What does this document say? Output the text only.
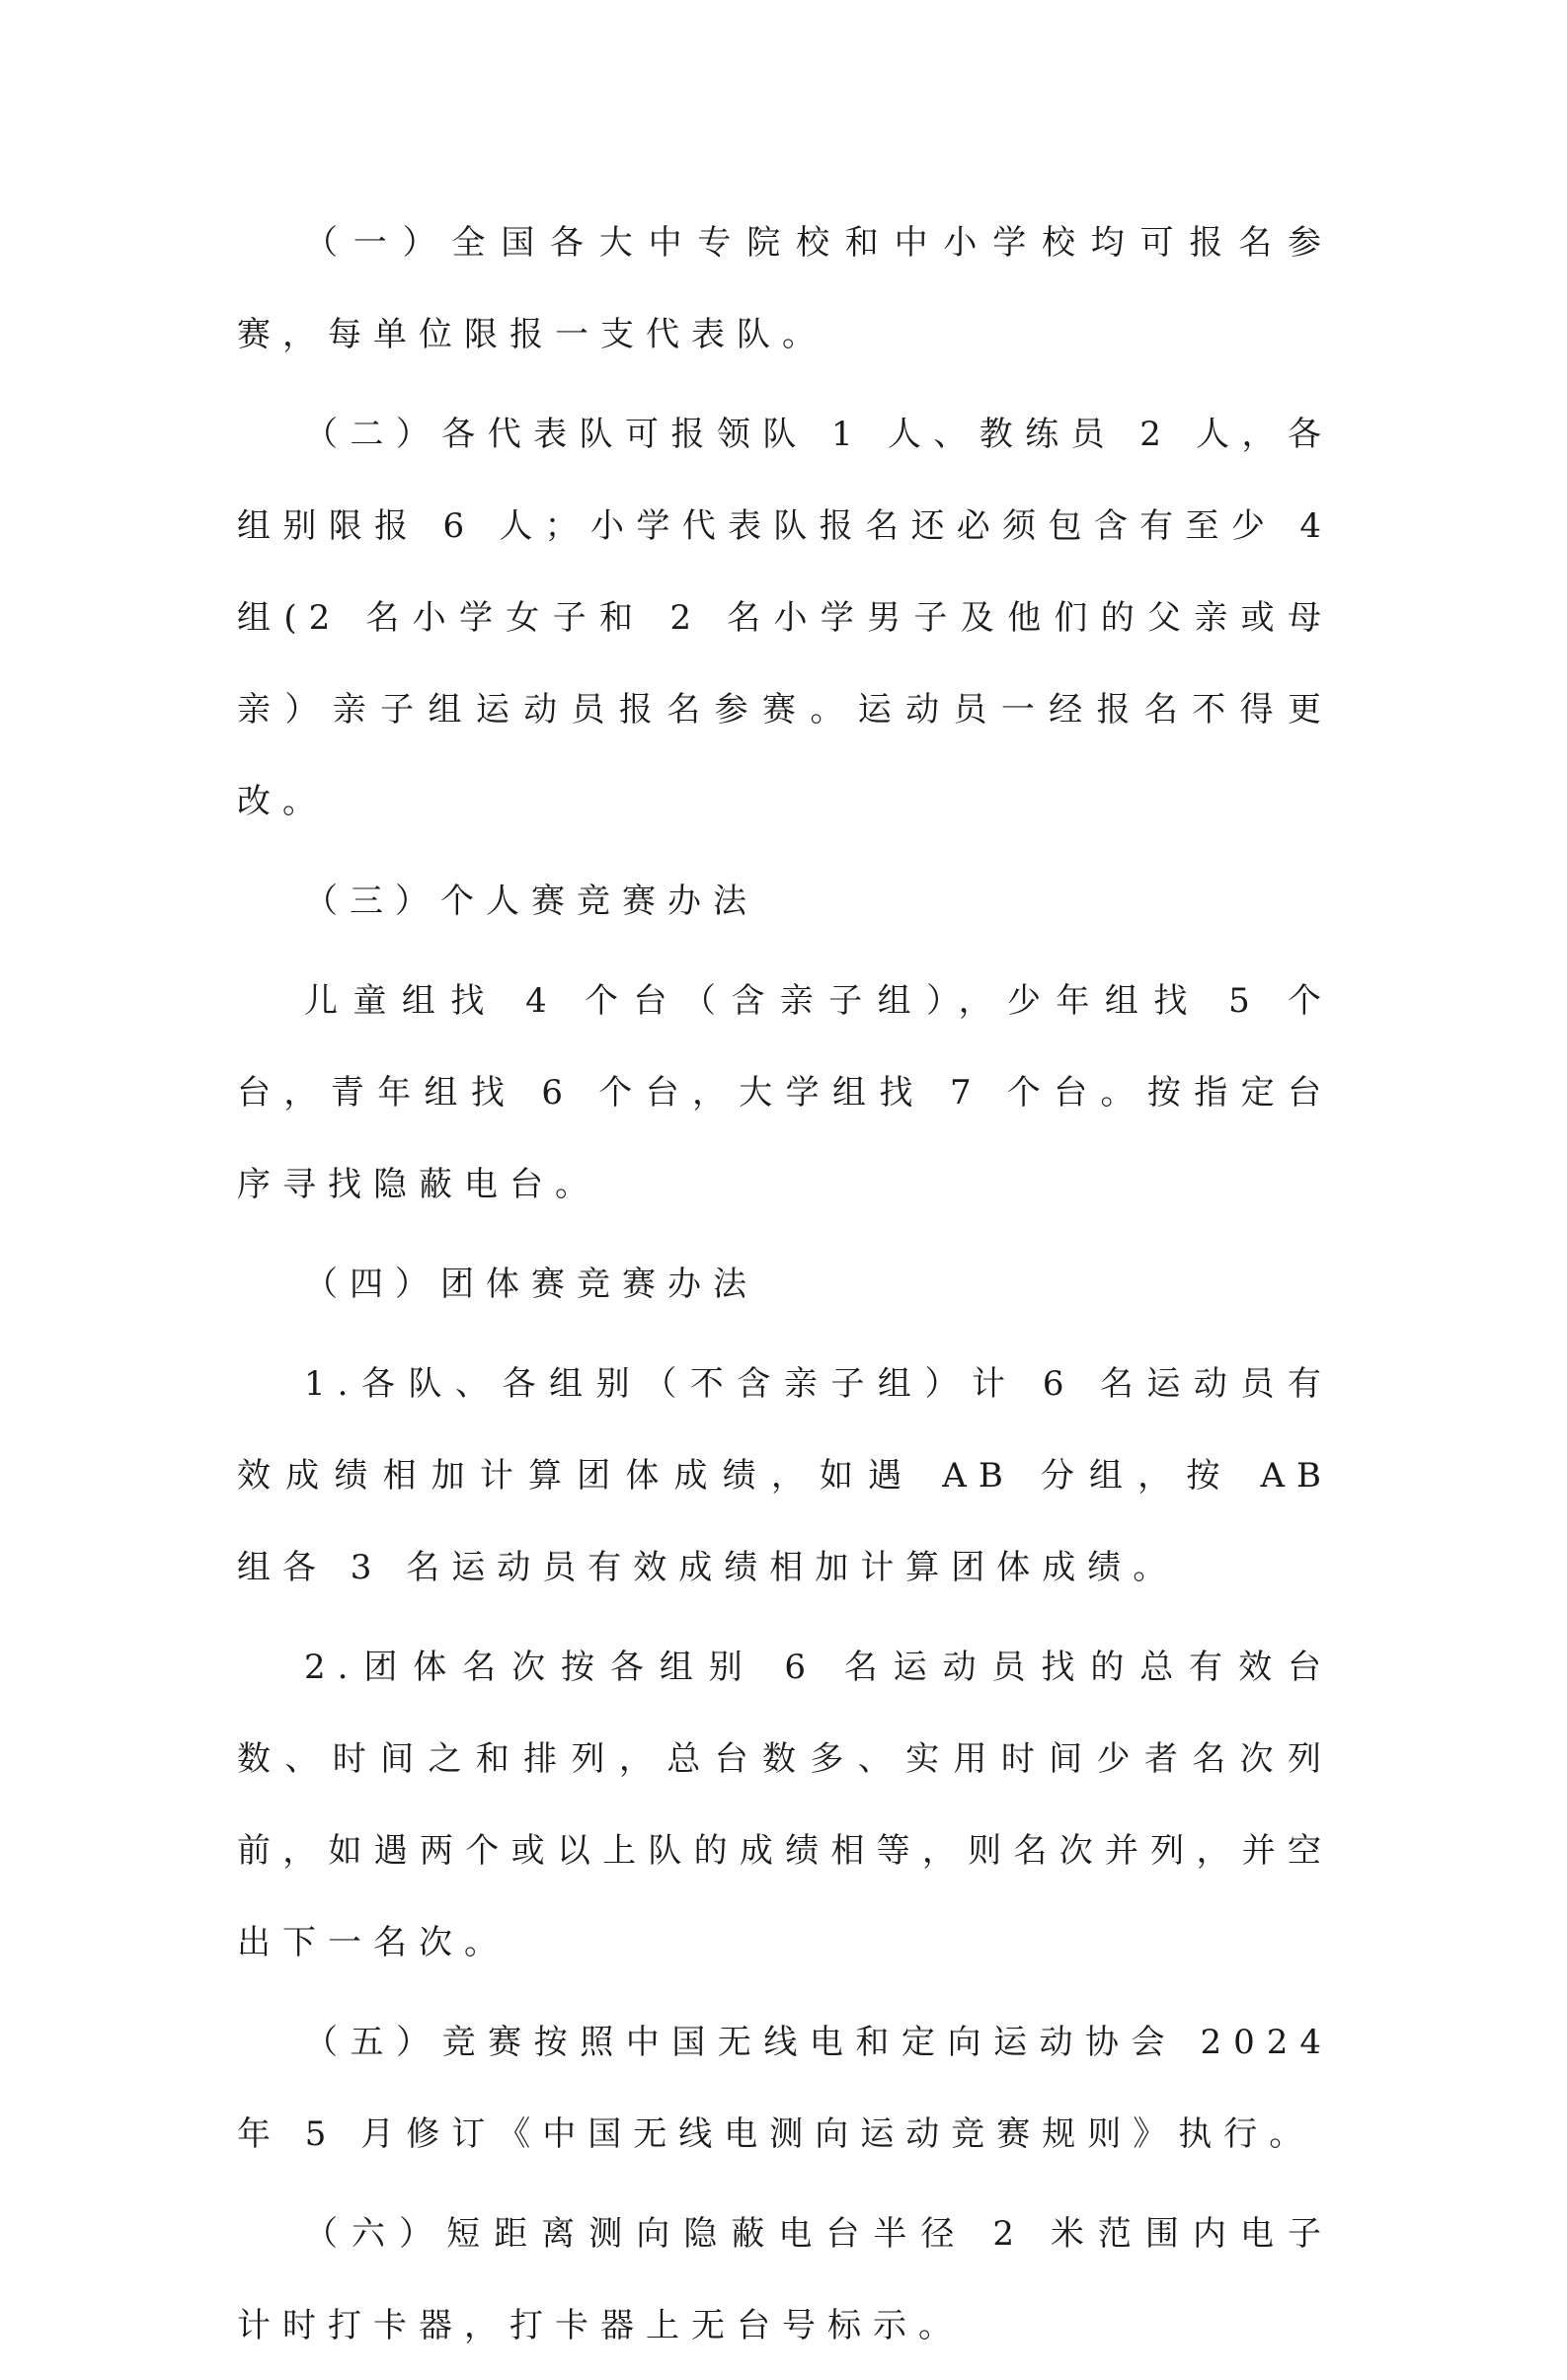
（一）全国各大中专院校和中小学校均可报名参赛，每单位限报一支代表队。

（二）各代表队可报领队 1 人、教练员 2 人，各组别限报 6 人；小学代表队报名还必须包含有至少 4 组(2 名小学女子和 2 名小学男子及他们的父亲或母亲）亲子组运动员报名参赛。运动员一经报名不得更改。

（三）个人赛竞赛办法

儿童组找 4 个台（含亲子组），少年组找 5 个台，青年组找 6 个台，大学组找 7 个台。按指定台序寻找隐蔽电台。

（四）团体赛竞赛办法

1.各队、各组别（不含亲子组）计 6 名运动员有效成绩相加计算团体成绩，如遇 AB 分组，按 AB 组各 3 名运动员有效成绩相加计算团体成绩。

2.团体名次按各组别 6 名运动员找的总有效台数、时间之和排列，总台数多、实用时间少者名次列前，如遇两个或以上队的成绩相等，则名次并列，并空出下一名次。

（五）竞赛按照中国无线电和定向运动协会 2024 年 5 月修订《中国无线电测向运动竞赛规则》执行。

（六）短距离测向隐蔽电台半径 2 米范围内电子计时打卡器，打卡器上无台号标示。
